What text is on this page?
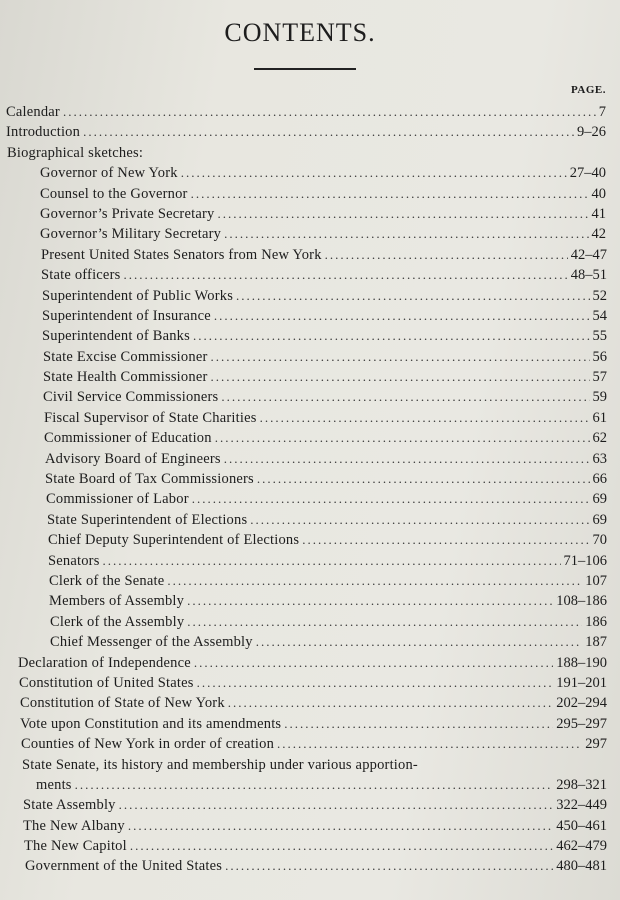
CONTENTS.
PAGE.
Calendar .....	7
Introduction .....	9–26
Biographical sketches:
Governor of New York .....	27–40
Counsel to the Governor .....	40
Governor’s Private Secretary .....	41
Governor’s Military Secretary .....	42
Present United States Senators from New York .....	42–47
State officers .....	48–51
Superintendent of Public Works .....	52
Superintendent of Insurance .....	54
Superintendent of Banks .....	55
State Excise Commissioner .....	56
State Health Commissioner .....	57
Civil Service Commissioners .....	59
Fiscal Supervisor of State Charities .....	61
Commissioner of Education .....	62
Advisory Board of Engineers .....	63
State Board of Tax Commissioners .....	66
Commissioner of Labor .....	69
State Superintendent of Elections .....	69
Chief Deputy Superintendent of Elections .....	70
Senators .....	71–106
Clerk of the Senate .....	107
Members of Assembly .....	108–186
Clerk of the Assembly .....	186
Chief Messenger of the Assembly .....	187
Declaration of Independence .....	188–190
Constitution of United States .....	191–201
Constitution of State of New York .....	202–294
Vote upon Constitution and its amendments .....	295–297
Counties of New York in order of creation .....	297
State Senate, its history and membership under various apportion-
ments .....	298–321
State Assembly .....	322–449
The New Albany .....	450–461
The New Capitol .....	462–479
Government of the United States .....	480–481
